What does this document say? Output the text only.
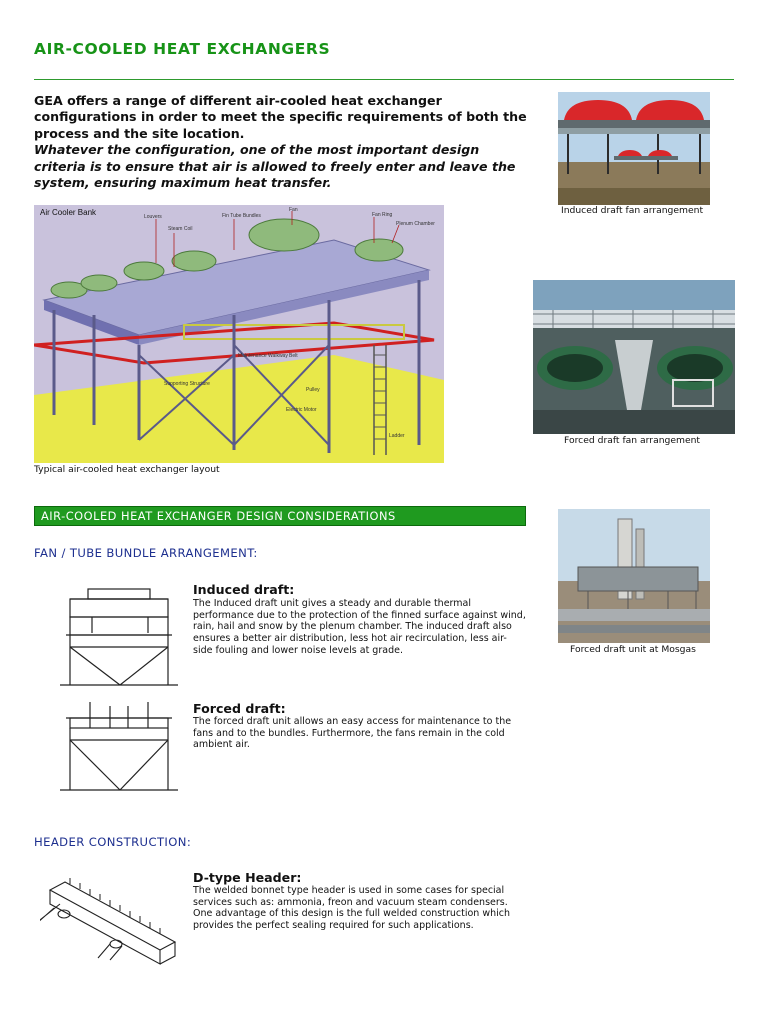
AIR-COOLED HEAT EXCHANGERS
GEA offers a range of different air-cooled heat exchanger configurations in order to meet the specific requirements of both the process and the site location.
Whatever the configuration, one of the most important design criteria is to ensure that air is allowed to freely enter and leave the system, ensuring maximum heat transfer.
Induced draft fan arrangement
Air Cooler Bank	Louvers	Fin Tube Bundles
Fan
Fan Ring
Plenum Chamber
Steam Coil
Maintenance Walkway Belt
Supporting Structure
Pulley
Electric Motor
Ladder
Typical air-cooled heat exchanger layout
Forced draft fan arrangement
AIR-COOLED HEAT EXCHANGER DESIGN CONSIDERATIONS
Forced draft unit at Mosgas
FAN / TUBE BUNDLE ARRANGEMENT:
Induced draft:
The Induced draft unit gives a steady and durable thermal
performance due to the protection of the finned surface against wind,
rain, hail and snow by the plenum chamber. The induced draft also
ensures a better air distribution, less hot air recirculation, less air-
side fouling and lower noise levels at grade.
Forced draft:
The forced draft unit allows an easy access for maintenance to the
fans and to the bundles. Furthermore, the fans remain in the cold
ambient air.
HEADER CONSTRUCTION:
D-type Header:
The welded bonnet type header is used in some cases for special
services such as: ammonia, freon and vacuum steam condensers.
One advantage of this design is the full welded construction which
provides the perfect sealing required for such applications.
